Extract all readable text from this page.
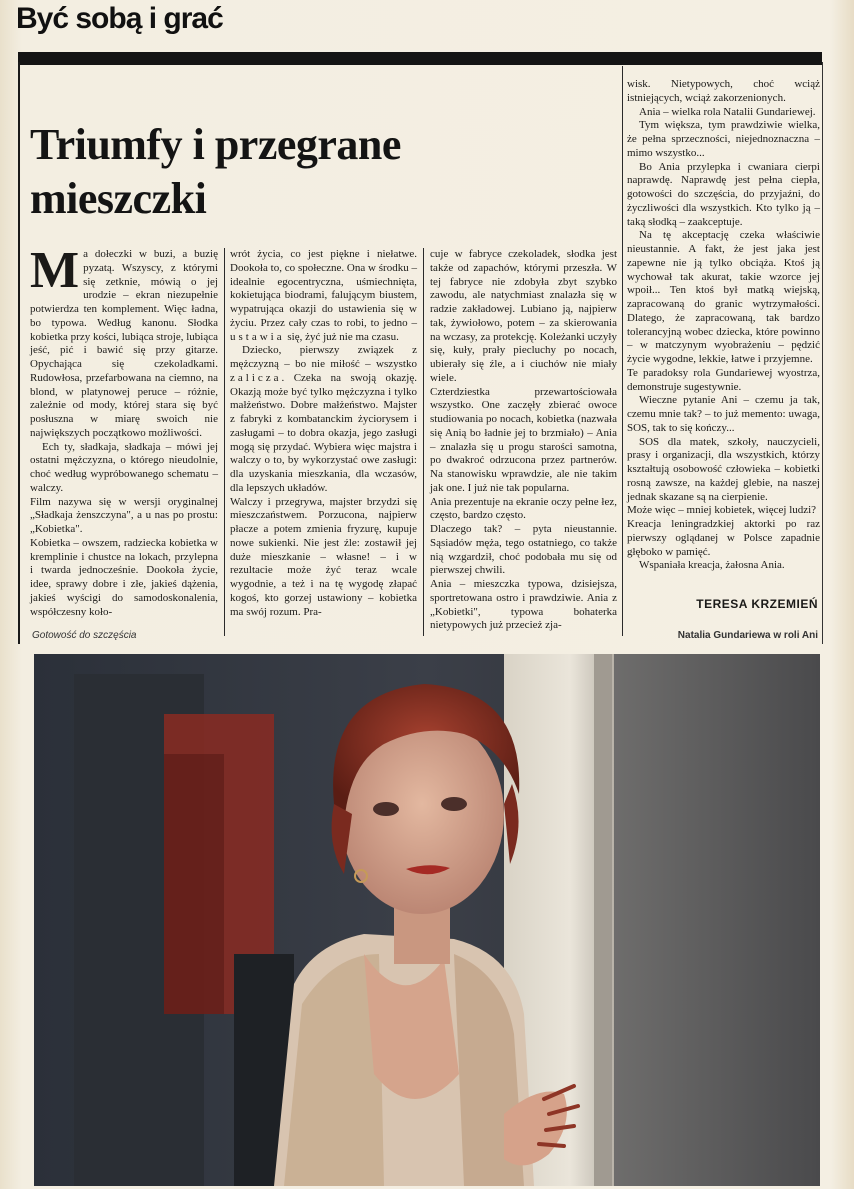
Być sobą i grać
Triumfy i przegrane
mieszczki

Ma dołeczki w buzi, a buzię pyzatą. Wszyscy, z którymi się zetknie, mówią o jej urodzie – ekran niezupełnie potwierdza ten komplement. Więc ładna, bo typowa. Według kanonu. Słodka kobietka przy kości, lubiąca stroje, lubiąca jeść, pić i bawić się przy gitarze. Opychająca się czekoladkami. Rudowłosa, przefarbowana na ciemno, na blond, w platynowej peruce – różnie, zależnie od mody, której stara się być posłuszna w miarę swoich nie największych początkowo możliwości.

Ech ty, sładkaja, sładkaja – mówi jej ostatni mężczyzna, o którego nieudolnie, choć według wypróbowanego schematu – walczy.

Film nazywa się w wersji oryginalnej „Sładkaja żenszczyna", a u nas po prostu: „Kobietka".

Kobietka – owszem, radziecka kobietka w kremplinie i chustce na lokach, przylepna i twarda jednocześnie. Dookoła życie, idee, sprawy dobre i złe, jakieś dążenia, jakieś wyścigi do samodoskonalenia, współczesny koło-

wrót życia, co jest piękne i niełatwe. Dookoła to, co społeczne. Ona w środku – idealnie egocentryczna, uśmiechnięta, kokietująca biodrami, falującym biustem, wypatrująca okazji do ustawienia się w życiu. Przez cały czas to robi, to jedno – ustawia się, żyć już nie ma czasu.

Dziecko, pierwszy związek z mężczyzną – bo nie miłość – wszystko zalicza. Czeka na swoją okazję. Okazją może być tylko mężczyzna i tylko małżeństwo. Dobre małżeństwo. Majster z fabryki z kombatanckim życiorysem i zasługami – to dobra okazja, jego zasługi mogą się przydać. Wybiera więc majstra i walczy o to, by wykorzystać owe zasługi: dla uzyskania mieszkania, dla wczasów, dla lepszych układów.

Walczy i przegrywa, majster brzydzi się mieszczaństwem. Porzucona, najpierw płacze a potem zmienia fryzurę, kupuje nowe sukienki. Nie jest źle: zostawił jej duże mieszkanie – własne! – i w rezultacie może żyć teraz wcale wygodnie, a też i na tę wygodę złapać kogoś, kto gorzej ustawiony – kobietka ma swój rozum. Pra-

cuje w fabryce czekoladek, słodka jest także od zapachów, którymi przeszła. W tej fabryce nie zdobyła zbyt szybko zawodu, ale natychmiast znalazła się w radzie zakładowej. Lubiano ją, najpierw tak, żywiołowo, potem – za skierowania na wczasy, za protekcję. Koleżanki uczyły się, kuły, prały piecluchy po nocach, ubierały się źle, a i ciuchów nie miały wiele.

Czterdziestka przewartościowała wszystko. One zaczęły zbierać owoce studiowania po nocach, kobietka (nazwała się Anią bo ładnie jej to brzmiało) – Ania – znalazła się u progu starości samotna, po dwakroć odrzucona przez partnerów. Na stanowisku wprawdzie, ale nie takim jak one. I już nie tak popularna.

Ania prezentuje na ekranie oczy pełne łez, często, bardzo często.

Dlaczego tak? – pyta nieustannie. Sąsiadów męża, tego ostatniego, co także nią wzgardził, choć podobała mu się od pierwszej chwili.

Ania – mieszczka typowa, dzisiejsza, sportretowana ostro i prawdziwie. Ania z „Kobietki", typowa bohaterka nietypowych już przecież zja-

wisk. Nietypowych, choć wciąż istniejących, wciąż zakorzenionych.

Ania – wielka rola Natalii Gundariewej.

Tym większa, tym prawdziwie wielka, że pełna sprzeczności, niejednoznaczna – mimo wszystko...

Bo Ania przylepka i cwaniara cierpi naprawdę. Naprawdę jest pełna ciepła, gotowości do szczęścia, do przyjaźni, do życzliwości dla wszystkich. Kto tylko ją – taką słodką – zaakceptuje.

Na tę akceptację czeka właściwie nieustannie. A fakt, że jest jaka jest zapewne nie ją tylko obciąża. Ktoś ją wychował tak akurat, takie wzorce jej wpoił... Ten ktoś był matką wiejską, zapracowaną do granic wytrzymałości. Dlatego, że zapracowaną, tak bardzo tolerancyjną wobec dziecka, które powinno – w matczynym wyobrażeniu – pędzić życie wygodne, lekkie, łatwe i przyjemne.

Te paradoksy rola Gundariewej wyostrza, demonstruje sugestywnie.

Wieczne pytanie Ani – czemu ja tak, czemu mnie tak? – to już memento: uwaga, SOS, tak to się kończy...

SOS dla matek, szkoły, nauczycieli, prasy i organizacji, dla wszystkich, którzy kształtują osobowość człowieka – kobietki rosną zawsze, na każdej glebie, na naszej jednak skazane są na cierpienie.

Może więc – mniej kobietek, więcej ludzi?

Kreacja leningradzkiej aktorki po raz pierwszy oglądanej w Polsce zapadnie głęboko w pamięć.

Wspaniała kreacja, żałosna Ania.

TERESA KRZEMIEŃ
Gotowość do szczęścia	Natalia Gundariewa w roli Ani
